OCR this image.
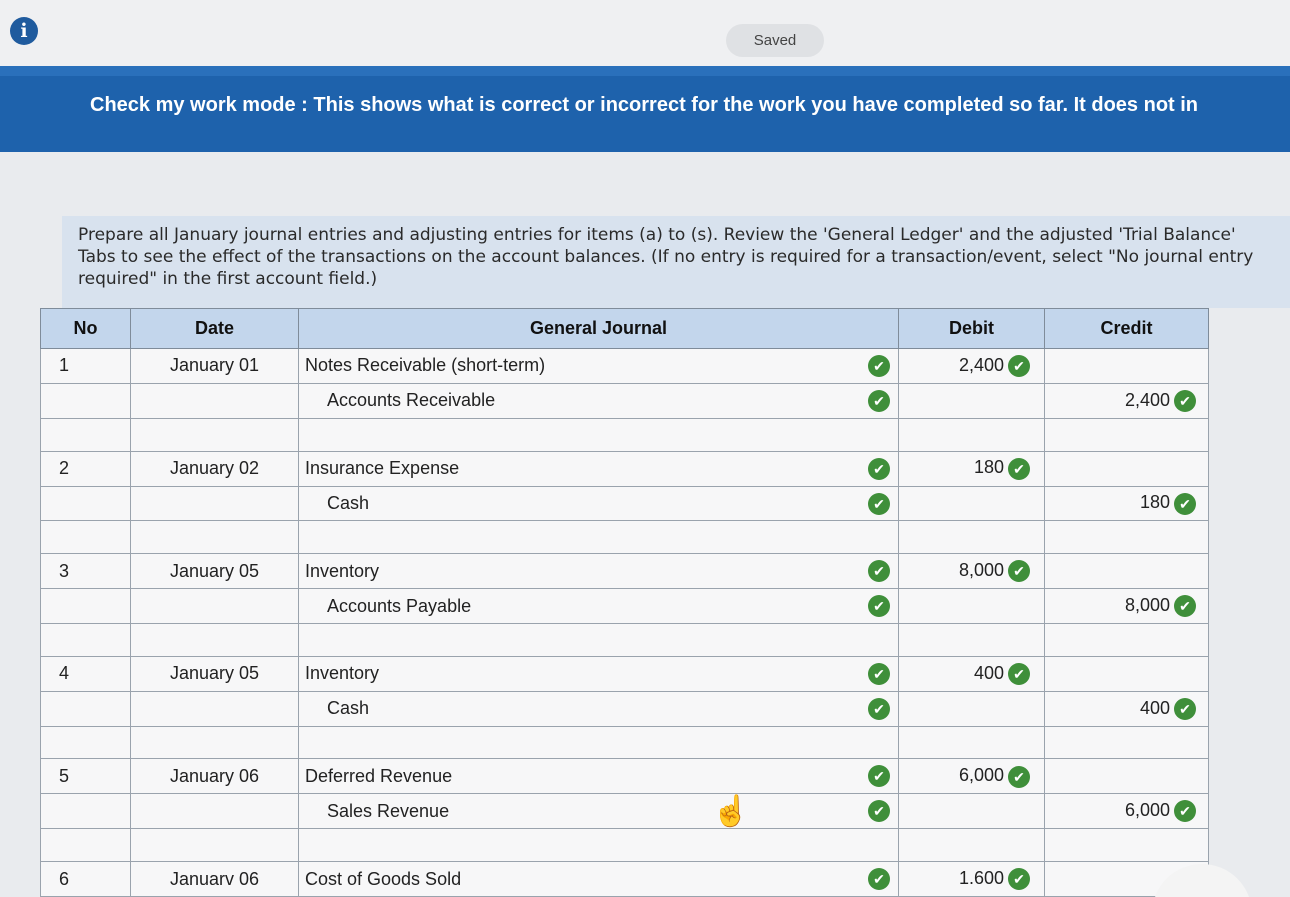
i	Saved
Check my work mode : This shows what is correct or incorrect for the work you have completed so far. It does not in
Prepare all January journal entries and adjusting entries for items (a) to (s). Review the 'General Ledger' and the adjusted 'Trial Balance' Tabs to see the effect of the transactions on the account balances. (If no entry is required for a transaction/event, select "No journal entry required" in the first account field.)
No	Date	General Journal	Debit	Credit
1	January 01	Notes Receivable (short-term) ✔	2,400 ✔	
		Accounts Receivable ✔		2,400 ✔

2	January 02	Insurance Expense ✔	180 ✔	
		Cash ✔		180 ✔

3	January 05	Inventory ✔	8,000 ✔	
		Accounts Payable ✔		8,000 ✔

4	January 05	Inventory ✔	400 ✔	
		Cash ✔		400 ✔

5	January 06	Deferred Revenue ✔	6,000 ✔	
		Sales Revenue ✔		6,000 ✔

6	Januarv 06	Cost of Goods Sold ✔	1.600 ✔	
☝
